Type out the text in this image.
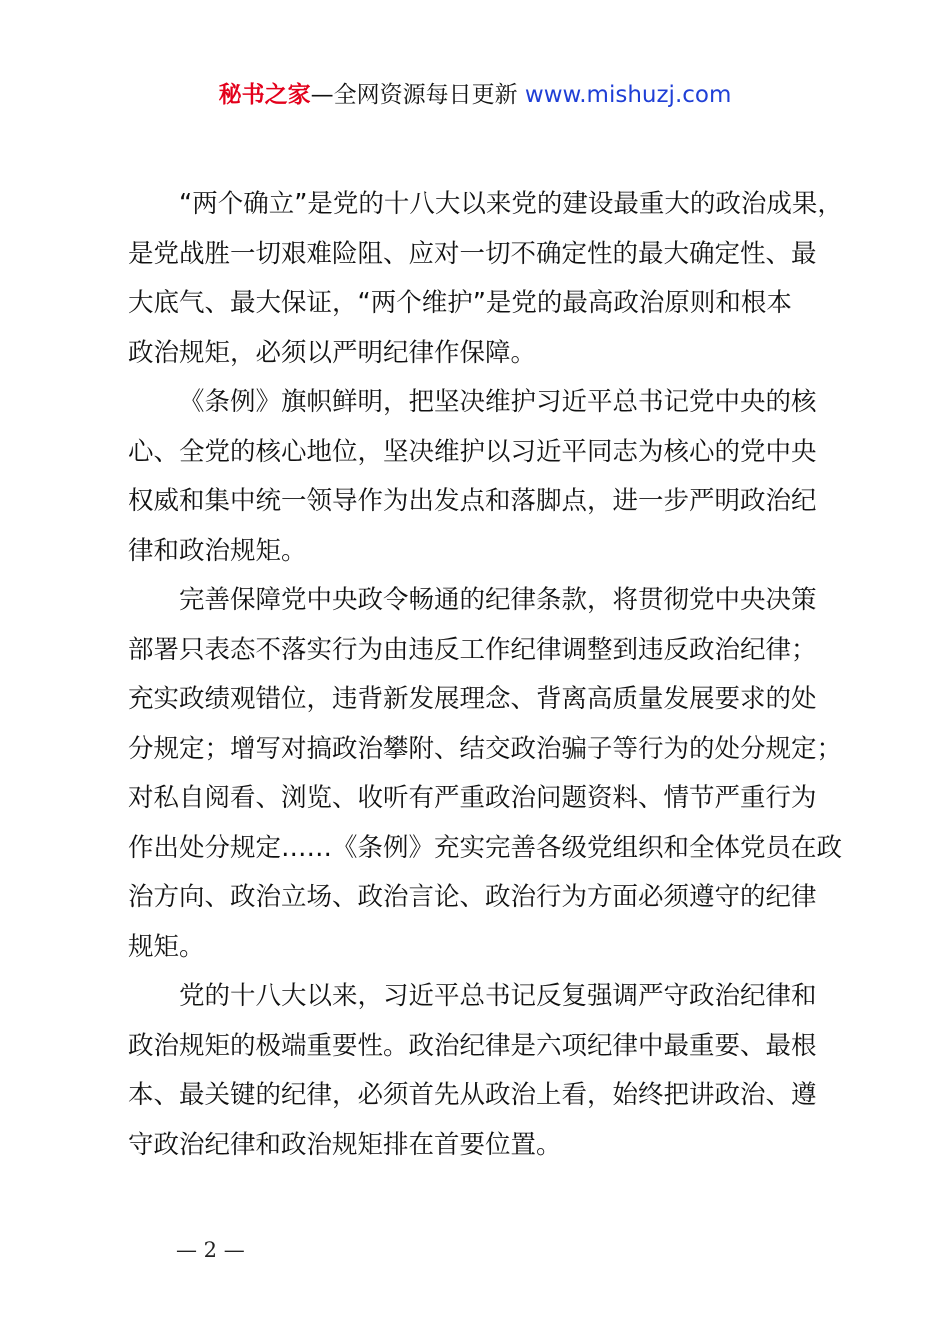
秘书之家—全网资源每日更新 www.mishuzj.com

“两个确立”是党的十八大以来党的建设最重大的政治成果，
是党战胜一切艰难险阻、应对一切不确定性的最大确定性、最
大底气、最大保证，“两个维护”是党的最高政治原则和根本
政治规矩，必须以严明纪律作保障。

《条例》旗帜鲜明，把坚决维护习近平总书记党中央的核
心、全党的核心地位，坚决维护以习近平同志为核心的党中央
权威和集中统一领导作为出发点和落脚点，进一步严明政治纪
律和政治规矩。

完善保障党中央政令畅通的纪律条款，将贯彻党中央决策
部署只表态不落实行为由违反工作纪律调整到违反政治纪律；
充实政绩观错位，违背新发展理念、背离高质量发展要求的处
分规定；增写对搞政治攀附、结交政治骗子等行为的处分规定；
对私自阅看、浏览、收听有严重政治问题资料、情节严重行为
作出处分规定……《条例》充实完善各级党组织和全体党员在政
治方向、政治立场、政治言论、政治行为方面必须遵守的纪律
规矩。

党的十八大以来，习近平总书记反复强调严守政治纪律和
政治规矩的极端重要性。政治纪律是六项纪律中最重要、最根
本、最关键的纪律，必须首先从政治上看，始终把讲政治、遵
守政治纪律和政治规矩排在首要位置。

— 2 —
